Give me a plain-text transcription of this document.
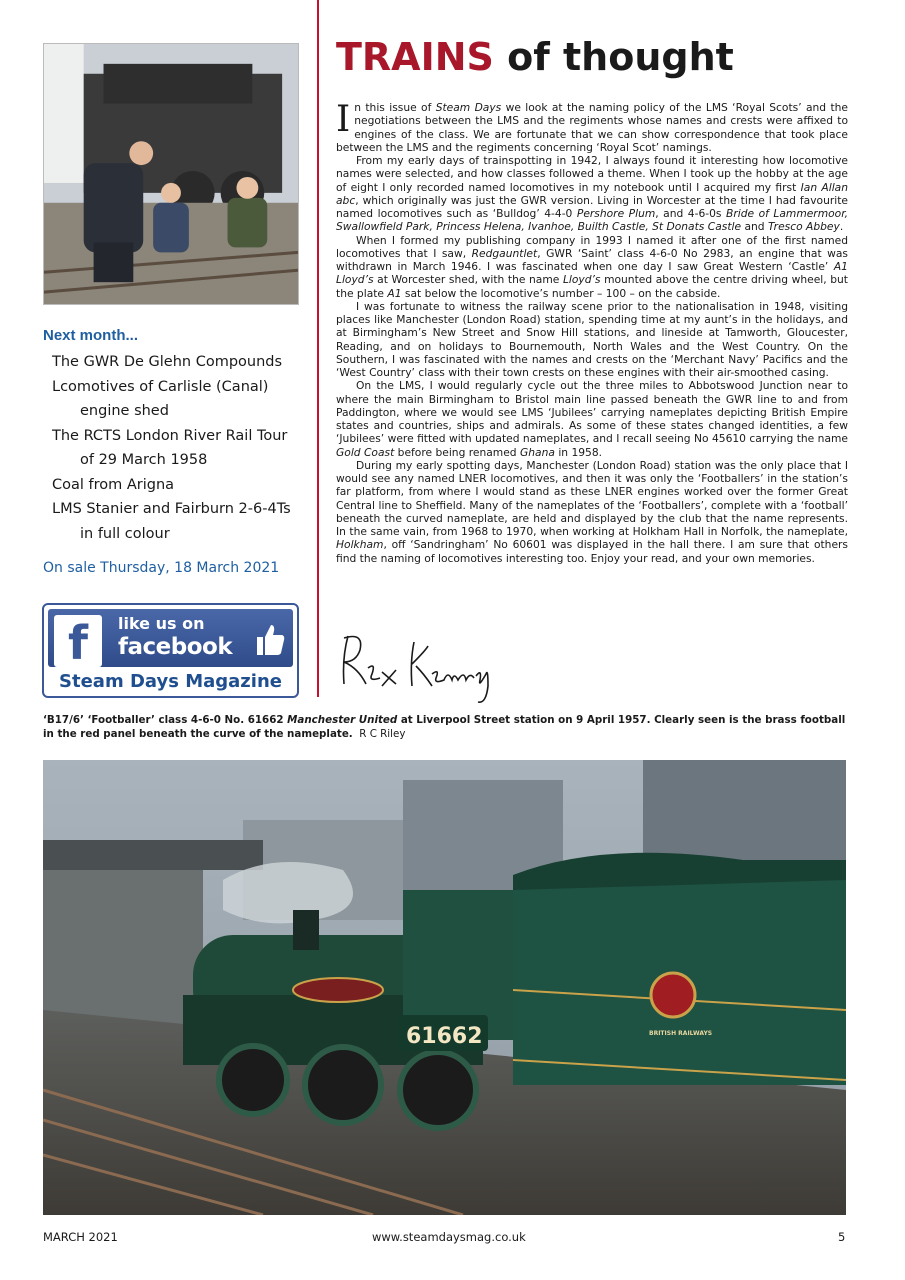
Next month...
The GWR De Glehn Compounds
Lcomotives of Carlisle (Canal)
engine shed
The RCTS London River Rail Tour
of 29 March 1958
Coal from Arigna
LMS Stanier and Fairburn 2-6-4Ts
in full colour
On sale Thursday, 18 March 2021
f	like us on
facebook
Steam Days Magazine
TRAINS of thought

In this issue of Steam Days we look at the naming policy of the LMS ‘Royal Scots’ and the negotiations between the LMS and the regiments whose names and crests were affixed to engines of the class. We are fortunate that we can show correspondence that took place between the LMS and the regiments concerning ‘Royal Scot’ namings.

From my early days of trainspotting in 1942, I always found it interesting how locomotive names were selected, and how classes followed a theme. When I took up the hobby at the age of eight I only recorded named locomotives in my notebook until I acquired my first Ian Allan abc, which originally was just the GWR version. Living in Worcester at the time I had favourite named locomotives such as ‘Bulldog’ 4-4-0 Pershore Plum, and 4-6-0s Bride of Lammermoor, Swallowfield Park, Princess Helena, Ivanhoe, Builth Castle, St Donats Castle and Tresco Abbey.

When I formed my publishing company in 1993 I named it after one of the first named locomotives that I saw, Redgauntlet, GWR ‘Saint’ class 4-6-0 No 2983, an engine that was withdrawn in March 1946. I was fascinated when one day I saw Great Western ‘Castle’ A1 Lloyd’s at Worcester shed, with the name Lloyd’s mounted above the centre driving wheel, but the plate A1 sat below the locomotive’s number – 100 – on the cabside.

I was fortunate to witness the railway scene prior to the nationalisation in 1948, visiting places like Manchester (London Road) station, spending time at my aunt’s in the holidays, and at Birmingham’s New Street and Snow Hill stations, and lineside at Tamworth, Gloucester, Reading, and on holidays to Bournemouth, North Wales and the West Country. On the Southern, I was fascinated with the names and crests on the ‘Merchant Navy’ Pacifics and the ‘West Country’ class with their town crests on these engines with their air-smoothed casing.

On the LMS, I would regularly cycle out the three miles to Abbotswood Junction near to where the main Birmingham to Bristol main line passed beneath the GWR line to and from Paddington, where we would see LMS ‘Jubilees’ carrying nameplates depicting British Empire states and countries, ships and admirals. As some of these states changed identities, a few ‘Jubilees’ were fitted with updated nameplates, and I recall seeing No 45610 carrying the name Gold Coast before being renamed Ghana in 1958.

During my early spotting days, Manchester (London Road) station was the only place that I would see any named LNER locomotives, and then it was only the ‘Footballers’ in the station’s far platform, from where I would stand as these LNER engines worked over the former Great Central line to Sheffield. Many of the nameplates of the ‘Footballers’, complete with a ‘football’ beneath the curved nameplate, are held and displayed by the club that the name represents. In the same vain, from 1968 to 1970, when working at Holkham Hall in Norfolk, the nameplate, Holkham, off ‘Sandringham’ No 60601 was displayed in the hall there. I am sure that others find the naming of locomotives interesting too. Enjoy your read, and your own memories.

‘B17/6’ ‘Footballer’ class 4-6-0 No. 61662 Manchester United at Liverpool Street station on 9 April 1957. Clearly seen is the brass football in the red panel beneath the curve of the nameplate. R C Riley
61662	BRITISH RAILWAYS
MARCH 2021	www.steamdaysmag.co.uk	5
